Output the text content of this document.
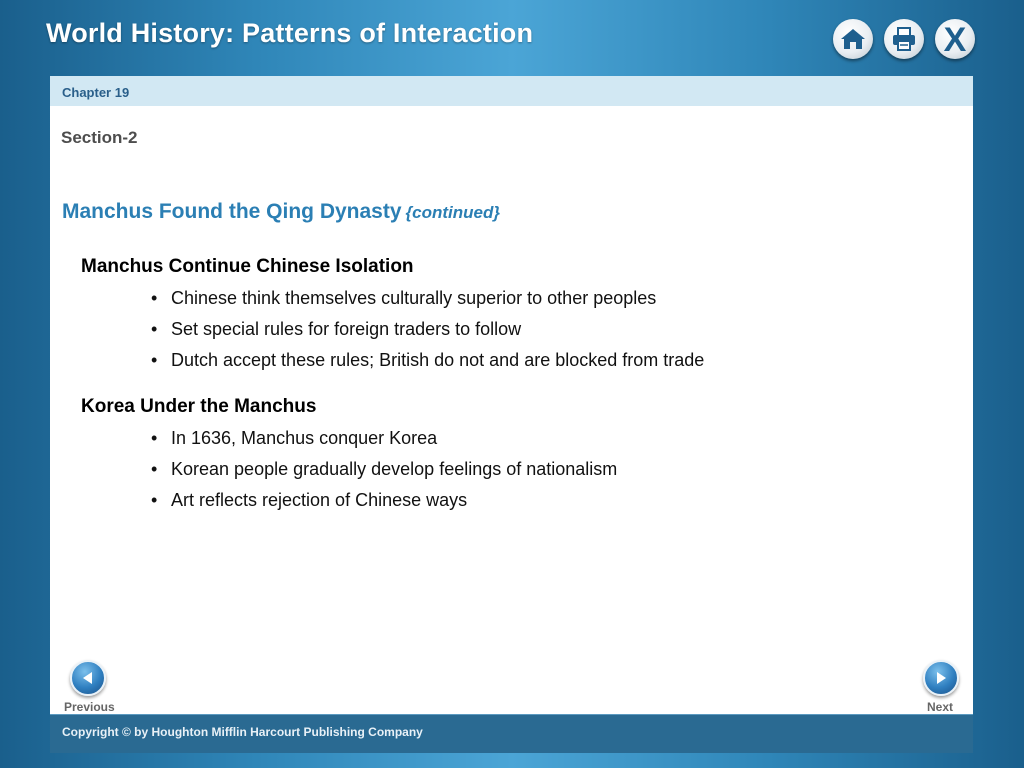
World History: Patterns of Interaction	X
Chapter 19
Section-2
Manchus Found the Qing Dynasty {continued}
Manchus Continue Chinese Isolation
• Chinese think themselves culturally superior to other peoples
• Set special rules for foreign traders to follow
• Dutch accept these rules; British do not and are blocked from trade
Korea Under the Manchus
• In 1636, Manchus conquer Korea
• Korean people gradually develop feelings of nationalism
• Art reflects rejection of Chinese ways
Previous	Next
Copyright © by Houghton Mifflin Harcourt Publishing Company
